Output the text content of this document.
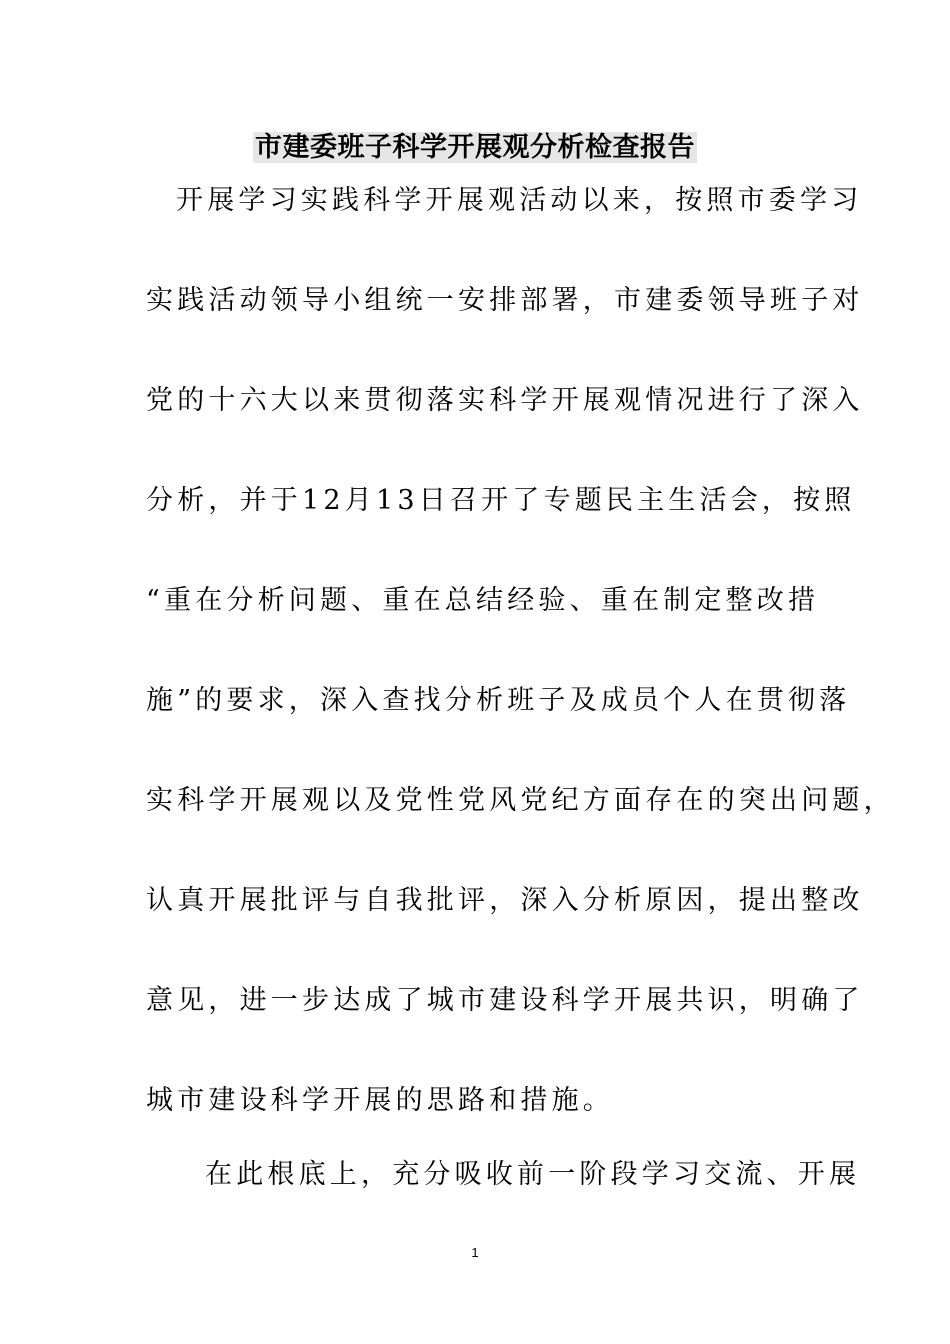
市建委班子科学开展观分析检查报告
开展学习实践科学开展观活动以来，按照市委学习
实践活动领导小组统一安排部署，市建委领导班子对
党的十六大以来贯彻落实科学开展观情况进行了深入
分析，并于12月13日召开了专题民主生活会，按照
“重在分析问题、重在总结经验、重在制定整改措
施”的要求，深入查找分析班子及成员个人在贯彻落
实科学开展观以及党性党风党纪方面存在的突出问题，
认真开展批评与自我批评，深入分析原因，提出整改
意见，进一步达成了城市建设科学开展共识，明确了
城市建设科学开展的思路和措施。
在此根底上，充分吸收前一阶段学习交流、开展
1
